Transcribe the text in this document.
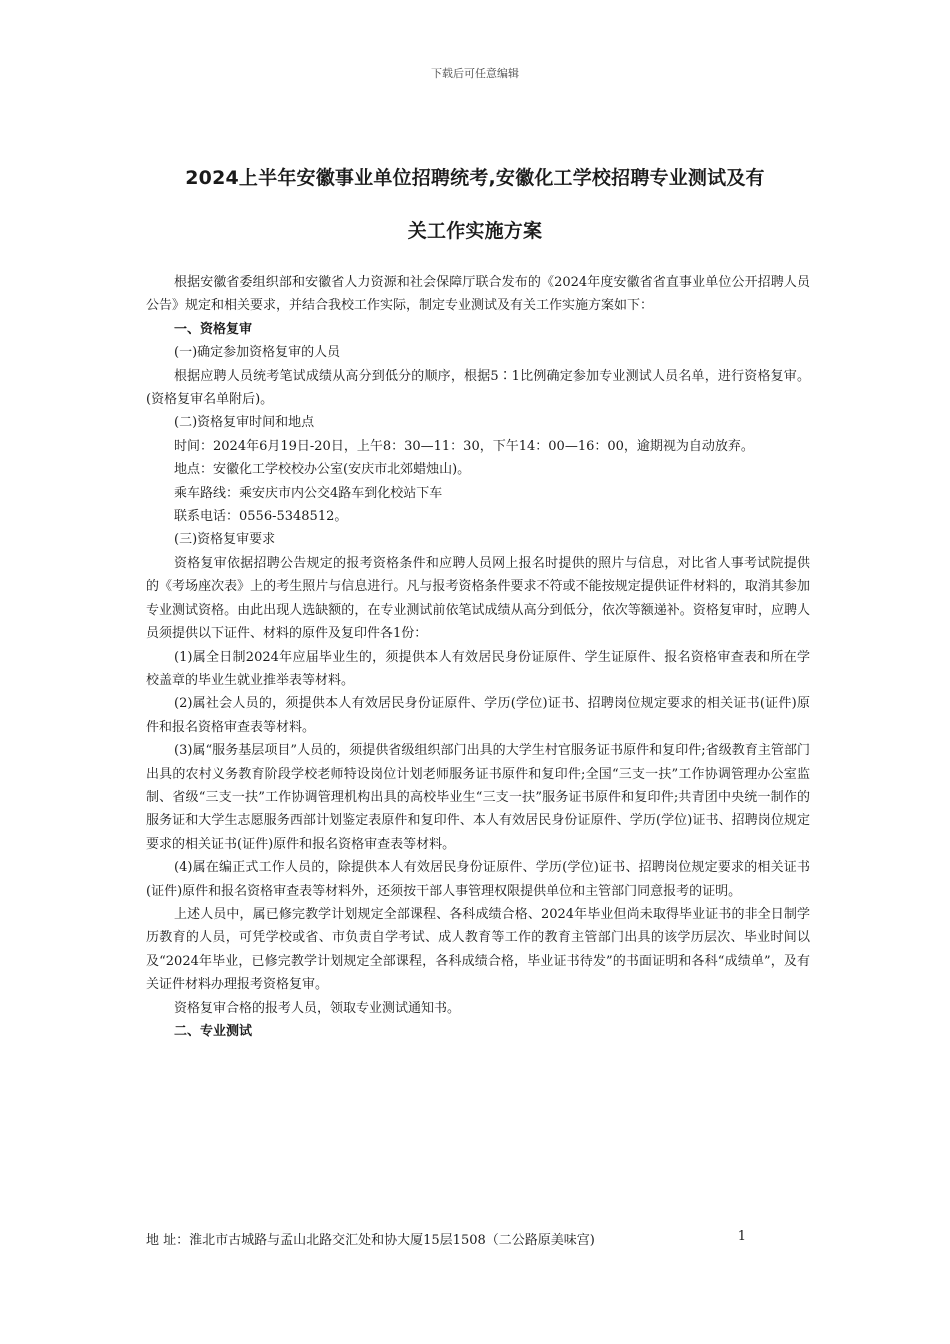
下载后可任意编辑
2024上半年安徽事业单位招聘统考,安徽化工学校招聘专业测试及有
关工作实施方案

根据安徽省委组织部和安徽省人力资源和社会保障厅联合发布的《2024年度安徽省省直事业单位公开招聘人员公告》规定和相关要求，并结合我校工作实际，制定专业测试及有关工作实施方案如下：

一、资格复审

(一)确定参加资格复审的人员

根据应聘人员统考笔试成绩从高分到低分的顺序，根据5∶1比例确定参加专业测试人员名单，进行资格复审。(资格复审名单附后)。

(二)资格复审时间和地点

时间：2024年6月19日-20日，上午8：30—11：30，下午14：00—16：00，逾期视为自动放弃。

地点：安徽化工学校校办公室(安庆市北郊蜡烛山)。

乘车路线：乘安庆市内公交4路车到化校站下车

联系电话：0556-5348512。

(三)资格复审要求

资格复审依据招聘公告规定的报考资格条件和应聘人员网上报名时提供的照片与信息，对比省人事考试院提供的《考场座次表》上的考生照片与信息进行。凡与报考资格条件要求不符或不能按规定提供证件材料的，取消其参加专业测试资格。由此出现人选缺额的，在专业测试前依笔试成绩从高分到低分，依次等额递补。资格复审时，应聘人员须提供以下证件、材料的原件及复印件各1份：

(1)属全日制2024年应届毕业生的，须提供本人有效居民身份证原件、学生证原件、报名资格审查表和所在学校盖章的毕业生就业推举表等材料。

(2)属社会人员的，须提供本人有效居民身份证原件、学历(学位)证书、招聘岗位规定要求的相关证书(证件)原件和报名资格审查表等材料。

(3)属“服务基层项目”人员的，须提供省级组织部门出具的大学生村官服务证书原件和复印件;省级教育主管部门出具的农村义务教育阶段学校老师特设岗位计划老师服务证书原件和复印件;全国“三支一扶”工作协调管理办公室监制、省级“三支一扶”工作协调管理机构出具的高校毕业生“三支一扶”服务证书原件和复印件;共青团中央统一制作的服务证和大学生志愿服务西部计划鉴定表原件和复印件、本人有效居民身份证原件、学历(学位)证书、招聘岗位规定要求的相关证书(证件)原件和报名资格审查表等材料。

(4)属在编正式工作人员的，除提供本人有效居民身份证原件、学历(学位)证书、招聘岗位规定要求的相关证书(证件)原件和报名资格审查表等材料外，还须按干部人事管理权限提供单位和主管部门同意报考的证明。

上述人员中，属已修完教学计划规定全部课程、各科成绩合格、2024年毕业但尚未取得毕业证书的非全日制学历教育的人员，可凭学校或省、市负责自学考试、成人教育等工作的教育主管部门出具的该学历层次、毕业时间以及“2024年毕业，已修完教学计划规定全部课程，各科成绩合格，毕业证书待发”的书面证明和各科“成绩单”，及有关证件材料办理报考资格复审。

资格复审合格的报考人员，领取专业测试通知书。

二、专业测试

地 址：淮北市古城路与孟山北路交汇处和协大厦15层1508（二公路原美味宫)	1
